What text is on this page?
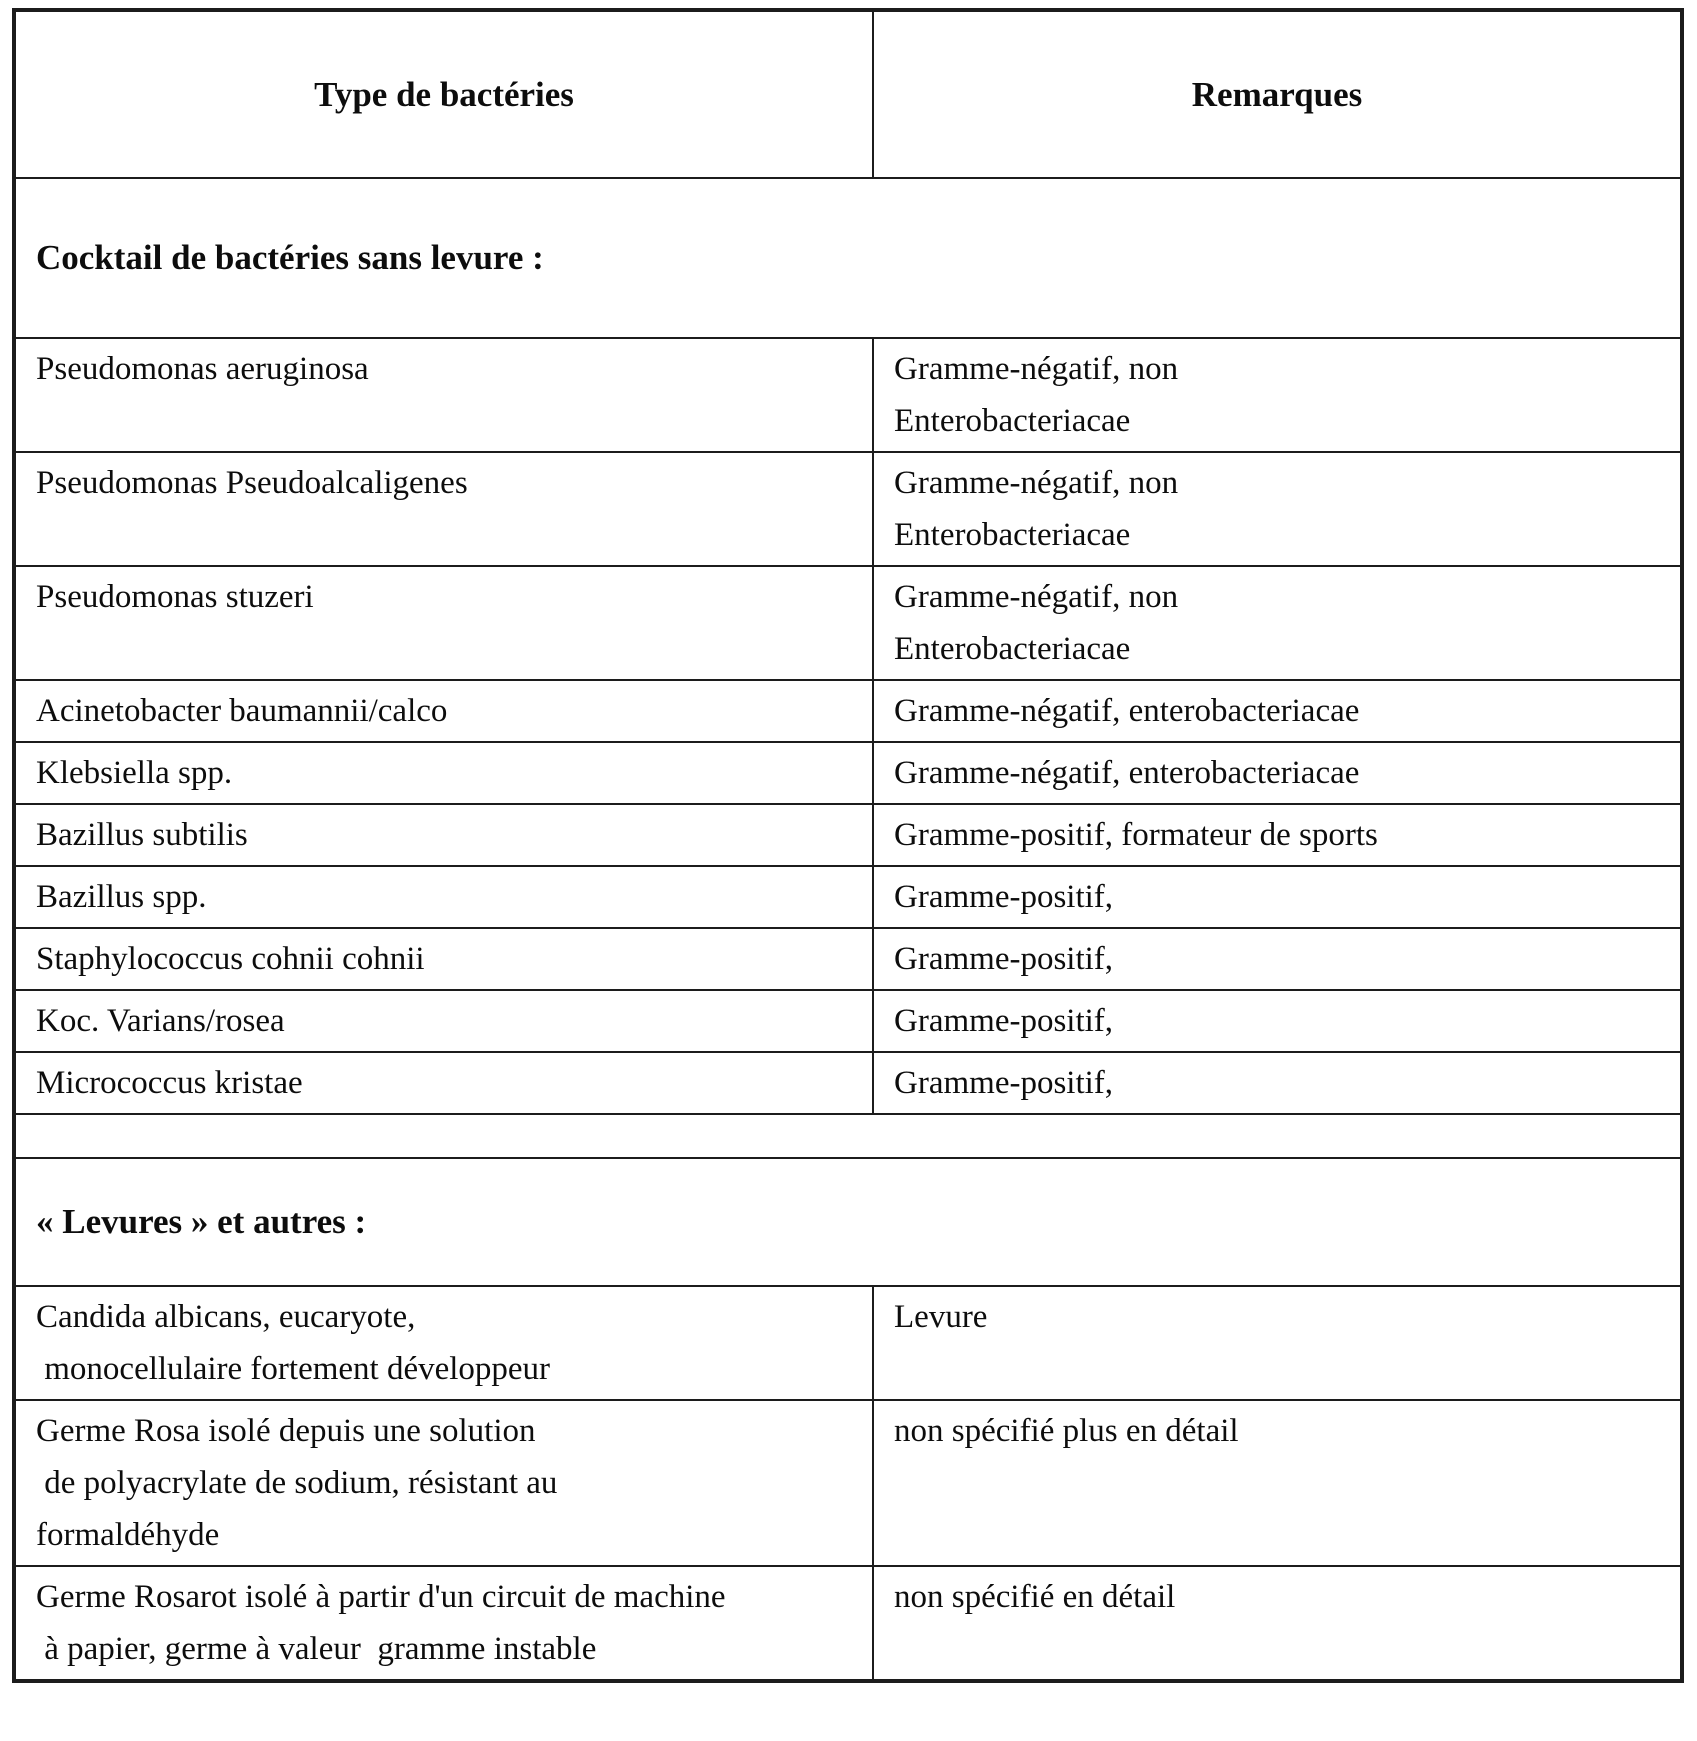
Type de bactéries	Remarques
Cocktail de bactéries sans levure :	
Pseudomonas aeruginosa	Gramme-négatif, non
Enterobacteriacae
Pseudomonas Pseudoalcaligenes	Gramme-négatif, non
Enterobacteriacae
Pseudomonas stuzeri	Gramme-négatif, non
Enterobacteriacae
Acinetobacter baumannii/calco	Gramme-négatif, enterobacteriacae
Klebsiella spp.	Gramme-négatif, enterobacteriacae
Bazillus subtilis	Gramme-positif, formateur de sports
Bazillus spp.	Gramme-positif,
Staphylococcus cohnii cohnii	Gramme-positif,
Koc. Varians/rosea	Gramme-positif,
Micrococcus kristae	Gramme-positif,

« Levures » et autres :	
Candida albicans, eucaryote,
monocellulaire fortement développeur	Levure
Germe Rosa isolé depuis une solution
de polyacrylate de sodium, résistant au
formaldéhyde	non spécifié plus en détail
Germe Rosarot isolé à partir d'un circuit de machine
à papier, germe à valeur  gramme instable	non spécifié en détail
